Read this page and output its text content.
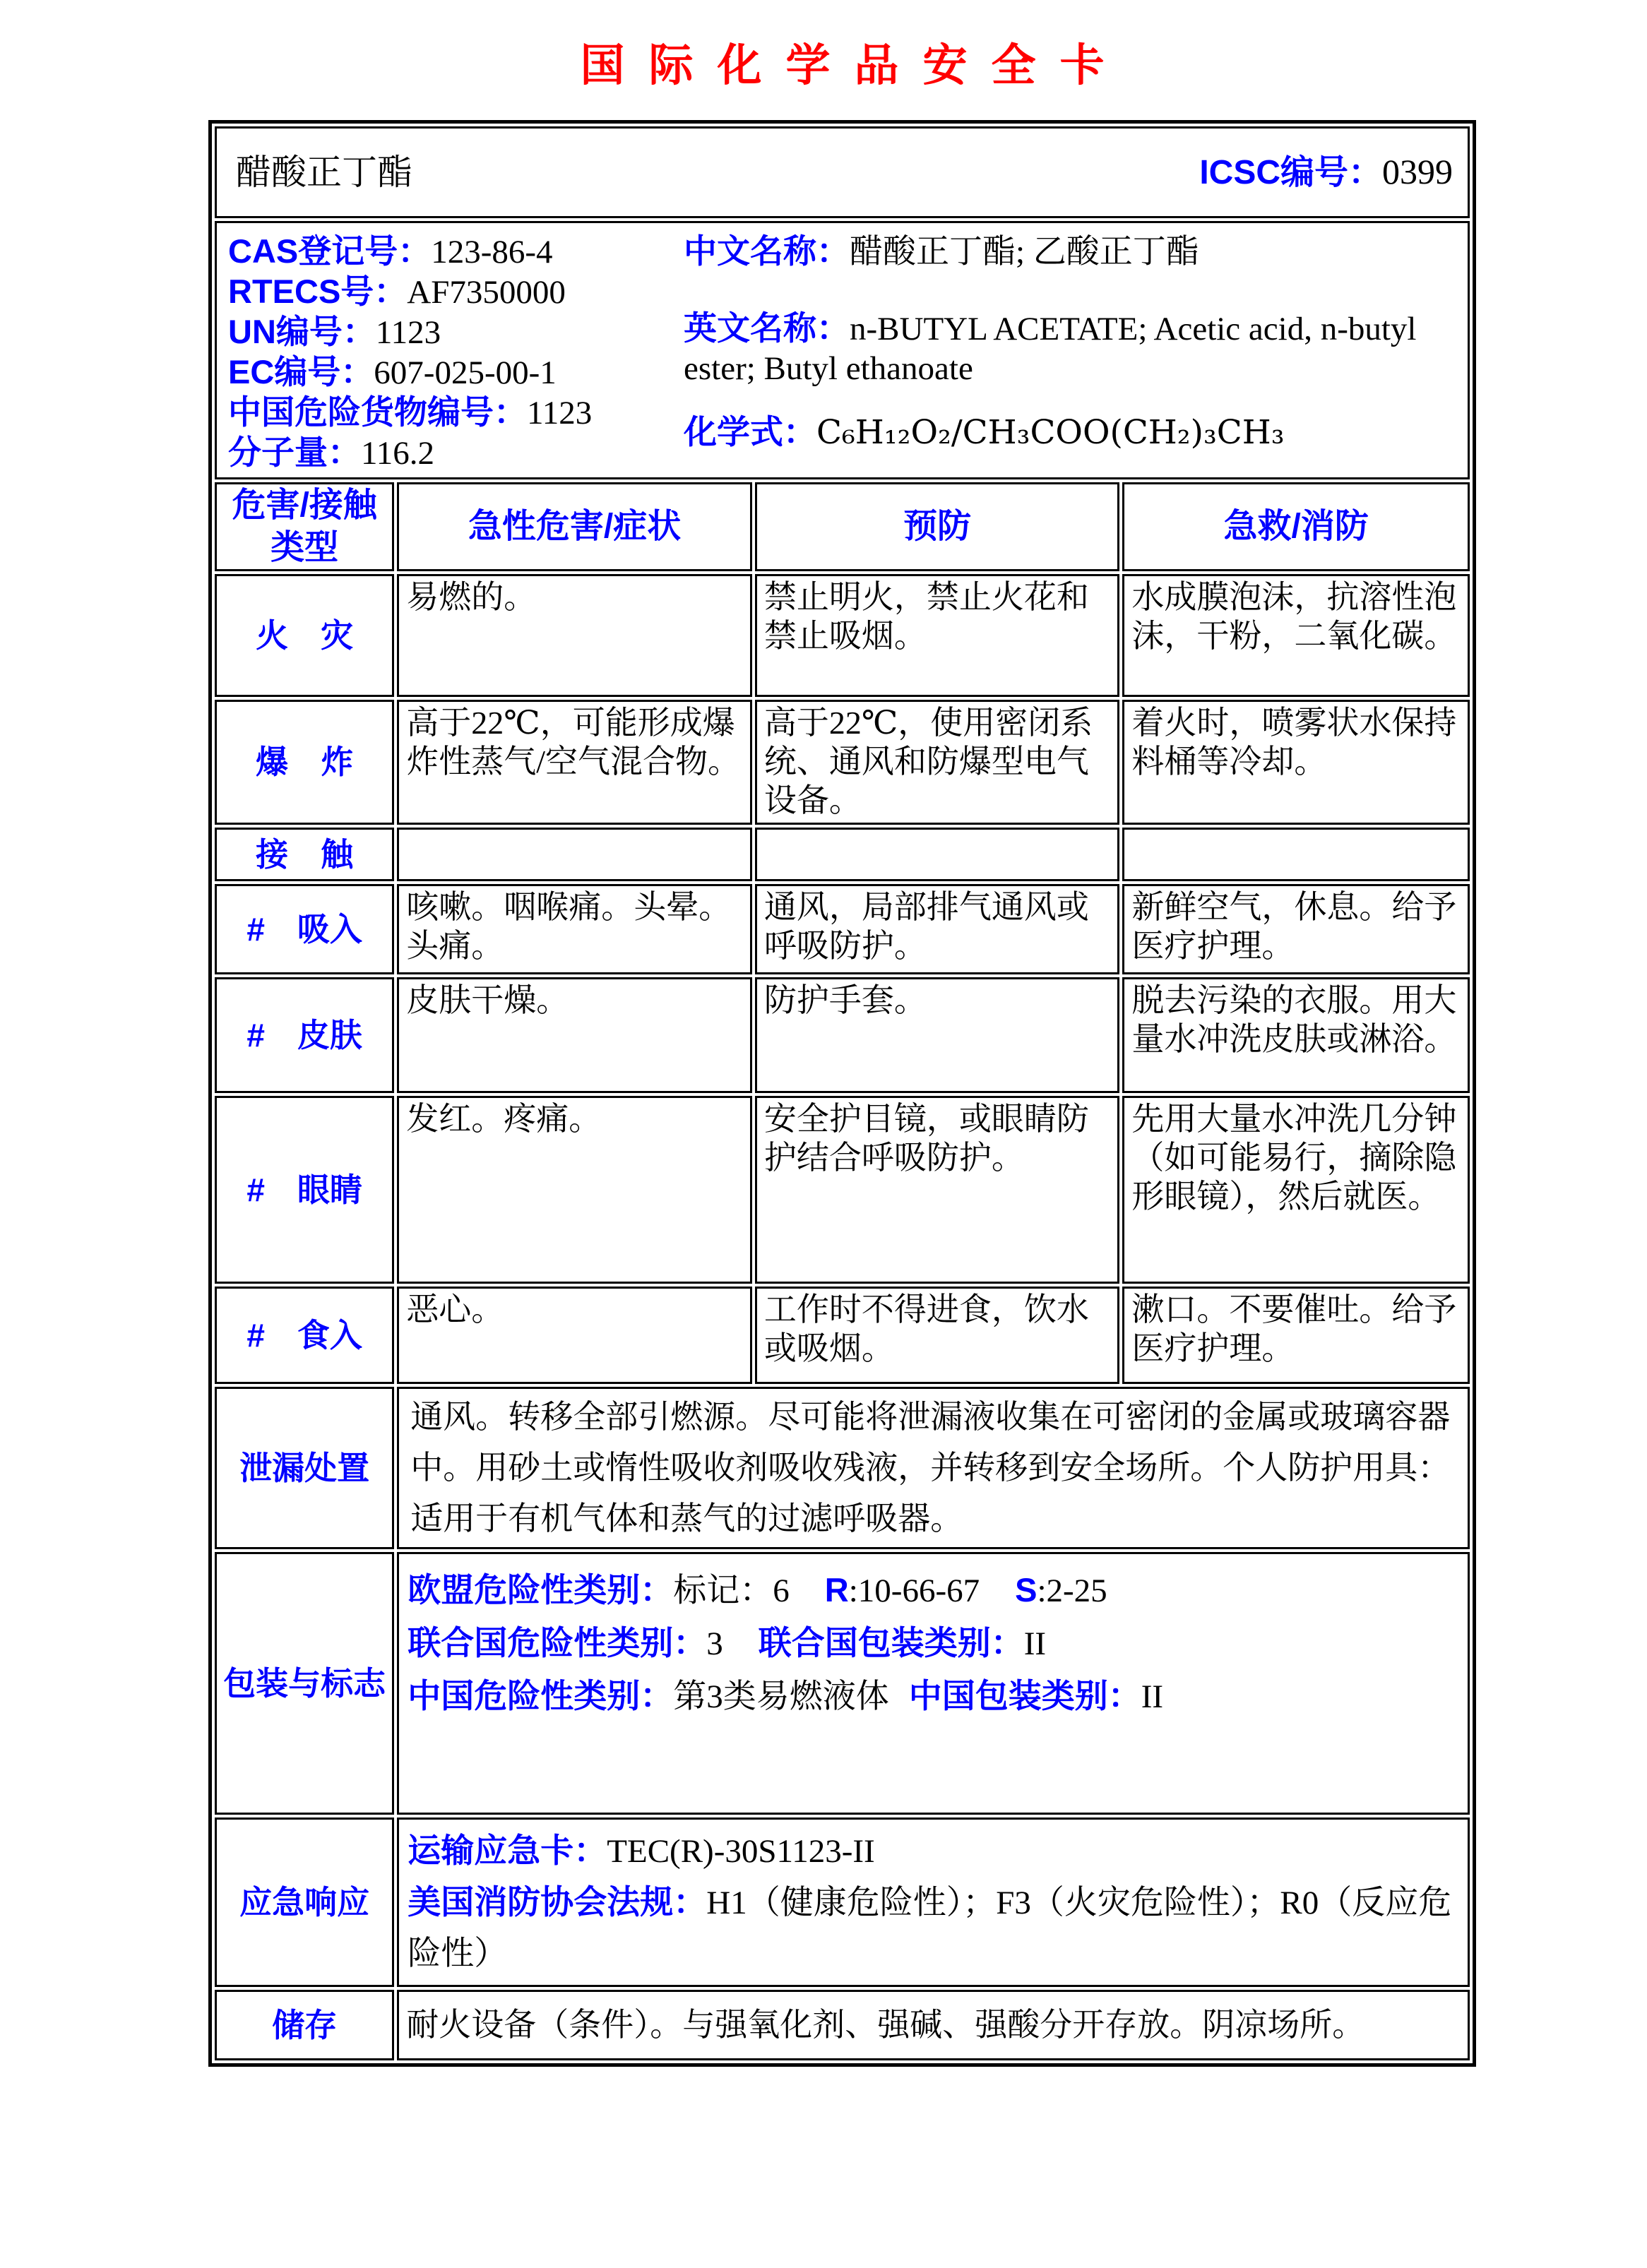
国际化学品安全卡
醋酸正丁酯 ICSC编号：0399			

CAS登记号：123-86-4
RTECS号：AF7350000
UN编号：1123
EC编号：607-025-00-1
中国危险货物编号：1123
分子量：116.2
中文名称：醋酸正丁酯; 乙酸正丁酯
英文名称：n-BUTYL ACETATE; Acetic acid, n-butyl ester; Butyl ethanoate
化学式：C₆H₁₂O₂/CH₃COO(CH₂)₃CH₃

危害/接触类型	急性危害/症状	预防	急救/消防
火　灾	易燃的。	禁止明火，禁止火花和禁止吸烟。	水成膜泡沫，抗溶性泡沫，干粉，二氧化碳。
爆　炸	高于22℃，可能形成爆炸性蒸气/空气混合物。	高于22℃，使用密闭系统、通风和防爆型电气设备。	着火时，喷雾状水保持料桶等冷却。
接　触			
#　吸入	咳嗽。咽喉痛。头晕。头痛。	通风，局部排气通风或呼吸防护。	新鲜空气，休息。给予医疗护理。
#　皮肤	皮肤干燥。	防护手套。	脱去污染的衣服。用大量水冲洗皮肤或淋浴。
#　眼睛	发红。疼痛。	安全护目镜，或眼睛防护结合呼吸防护。	先用大量水冲洗几分钟（如可能易行，摘除隐形眼镜），然后就医。
#　食入	恶心。	工作时不得进食，饮水或吸烟。	漱口。不要催吐。给予医疗护理。
泄漏处置	通风。转移全部引燃源。尽可能将泄漏液收集在可密闭的金属或玻璃容器中。用砂土或惰性吸收剂吸收残液，并转移到安全场所。个人防护用具：适用于有机气体和蒸气的过滤呼吸器。		
包装与标志	欧盟危险性类别：标记：6 R:10-66-67 S:2-25
联合国危险性类别：3 联合国包装类别：II
中国危险性类别：第3类易燃液体 中国包装类别：II		

应急响应	运输应急卡：TEC(R)-30S1123-II
美国消防协会法规：H1（健康危险性）；F3（火灾危险性）；R0（反应危险性）		

储存	耐火设备（条件）。与强氧化剂、强碱、强酸分开存放。阴凉场所。		
